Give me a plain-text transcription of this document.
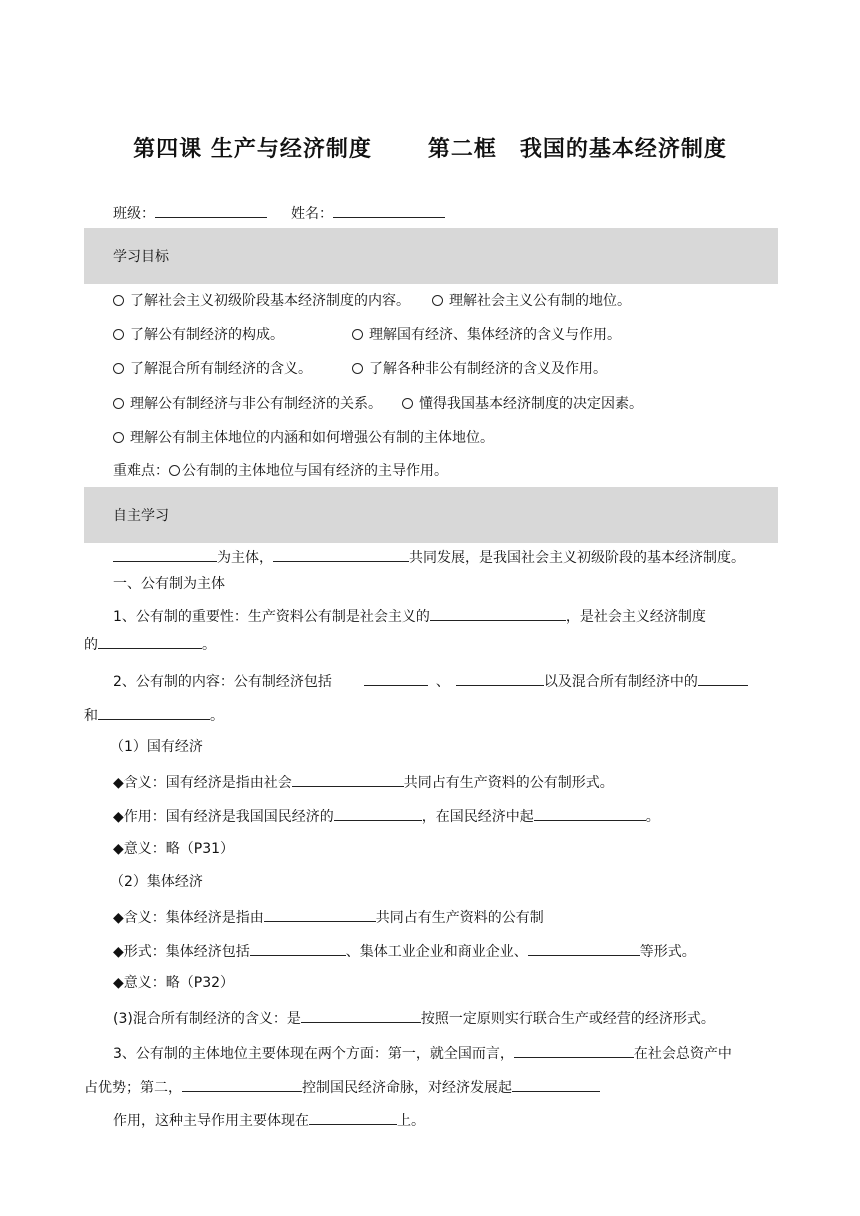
第四课 生产与经济制度	第二框　我国的基本经济制度
班级：	姓名：
学习目标
了解社会主义初级阶段基本经济制度的内容。	理解社会主义公有制的地位。
了解公有制经济的构成。	理解国有经济、集体经济的含义与作用。
了解混合所有制经济的含义。	了解各种非公有制经济的含义及作用。
理解公有制经济与非公有制经济的关系。	懂得我国基本经济制度的决定因素。
理解公有制主体地位的内涵和如何增强公有制的主体地位。
重难点： 公有制的主体地位与国有经济的主导作用。
自主学习
为主体，	共同发展，是我国社会主义初级阶段的基本经济制度。
一、公有制为主体
1、公有制的重要性：生产资料公有制是社会主义的	，是社会主义经济制度
的	。
2、公有制的内容：公有制经济包括	、	以及混合所有制经济中的
和	。
（1）国有经济
◆含义：国有经济是指由社会	共同占有生产资料的公有制形式。
◆作用：国有经济是我国国民经济的	，在国民经济中起	。
◆意义：略（P31）
（2）集体经济
◆含义：集体经济是指由	共同占有生产资料的公有制
◆形式：集体经济包括	、集体工业企业和商业企业、	等形式。
◆意义：略（P32）
(3)混合所有制经济的含义：是	按照一定原则实行联合生产或经营的经济形式。
3、公有制的主体地位主要体现在两个方面：第一，就全国而言，	在社会总资产中
占优势；第二，	控制国民经济命脉，对经济发展起
作用，这种主导作用主要体现在	上。
